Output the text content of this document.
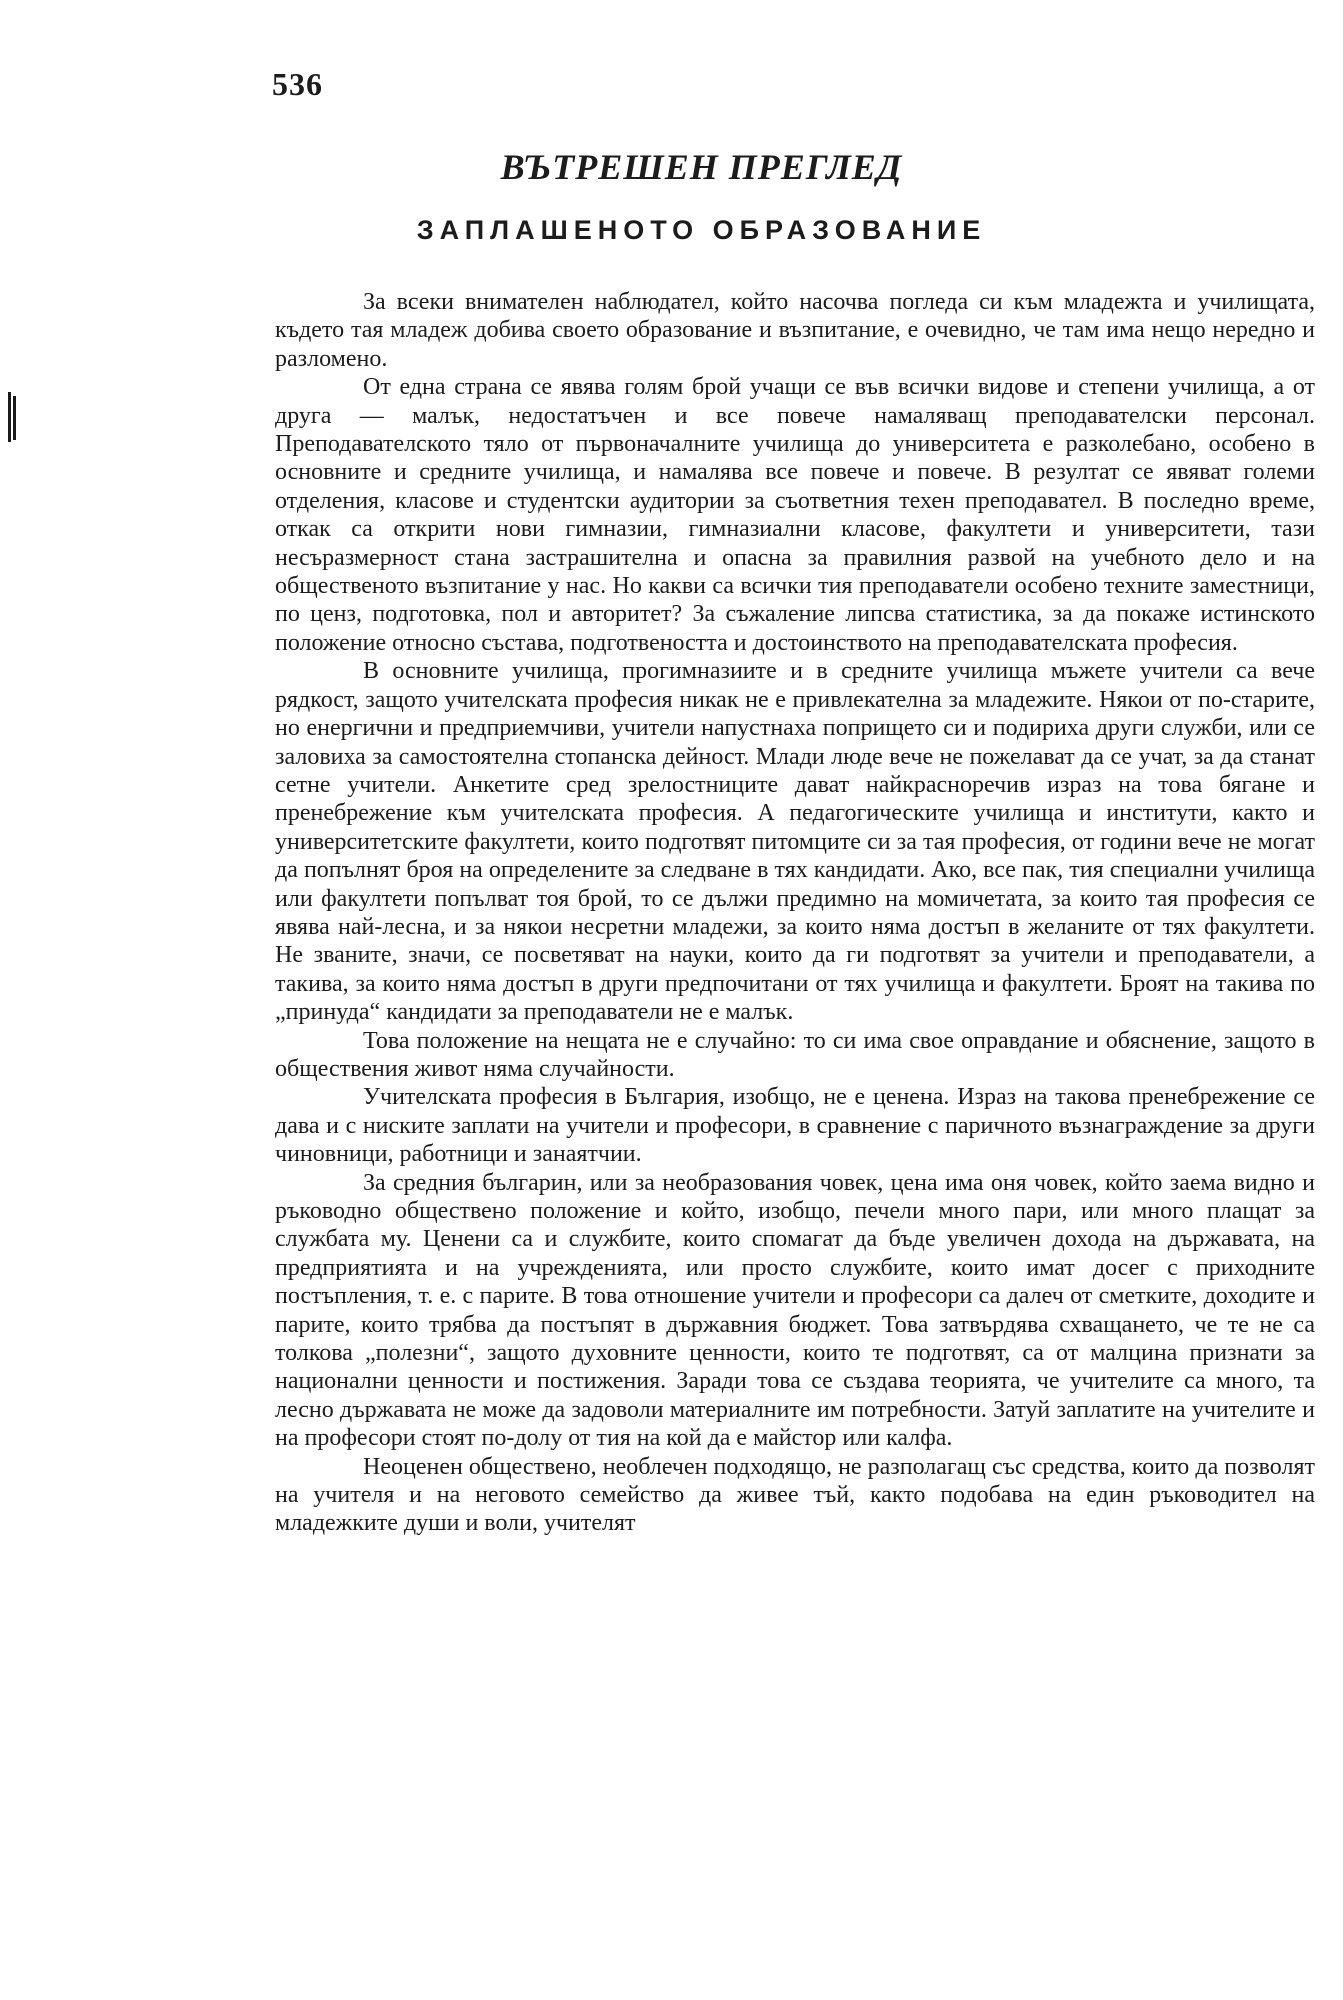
536
ВЪТРЕШЕН ПРЕГЛЕД
ЗАПЛАШЕНОТО ОБРАЗОВАНИЕ

За всеки внимателен наблюдател, който насочва погледа си към младежта и училищата, където тая младеж добива своето образование и възпитание, е очевидно, че там има нещо нередно и разломено.

От една страна се явява голям брой учащи се във всички видове и степени училища, а от друга — малък, недостатъчен и все повече намаляващ преподавателски персонал. Преподавателското тяло от първоначалните училища до университета е разколебано, особено в основните и средните училища, и намалява все повече и повече. В резултат се явяват големи отделения, класове и студентски аудитории за съответния техен преподавател. В последно време, откак са открити нови гимназии, гимназиални класове, факултети и университети, тази несъразмерност стана застрашителна и опасна за правилния развой на учебното дело и на общественото възпитание у нас. Но какви са всички тия преподаватели особено техните заместници, по ценз, подготовка, пол и авторитет? За съжаление липсва статистика, за да покаже истинското положение относно състава, подготвеността и достоинството на преподавателската професия.

В основните училища, прогимназиите и в средните училища мъжете учители са вече рядкост, защото учителската професия никак не е привлекателна за младежите. Някои от по-старите, но енергични и предприемчиви, учители напустнаха попрището си и подириха други служби, или се заловиха за самостоятелна стопанска дейност. Млади люде вече не пожелават да се учат, за да станат сетне учители. Анкетите сред зрелостниците дават найкрасноречив израз на това бягане и пренебрежение към учителската професия. А педагогическите училища и институти, както и университетските факултети, които подготвят питомците си за тая професия, от години вече не могат да попълнят броя на определените за следване в тях кандидати. Ако, все пак, тия специални училища или факултети попълват тоя брой, то се дължи предимно на момичетата, за които тая професия се явява най-лесна, и за някои несретни младежи, за които няма достъп в желаните от тях факултети. Не званите, значи, се посветяват на науки, които да ги подготвят за учители и преподаватели, а такива, за които няма достъп в други предпочитани от тях училища и факултети. Броят на такива по „принуда“ кандидати за преподаватели не е малък.

Това положение на нещата не е случайно: то си има свое оправдание и обяснение, защото в обществения живот няма случайности.

Учителската професия в България, изобщо, не е ценена. Израз на такова пренебрежение се дава и с ниските заплати на учители и професори, в сравнение с паричното възнаграждение за други чиновници, работници и занаятчии.

За средния българин, или за необразования човек, цена има оня човек, който заема видно и ръководно обществено положение и който, изобщо, печели много пари, или много плащат за службата му. Ценени са и службите, които спомагат да бъде увеличен дохода на държавата, на предприятията и на учрежденията, или просто службите, които имат досег с приходните постъпления, т. е. с парите. В това отношение учители и професори са далеч от сметките, доходите и парите, които трябва да постъпят в държавния бюджет. Това затвърдява схващането, че те не са толкова „полезни“, защото духовните ценности, които те подготвят, са от малцина признати за национални ценности и постижения. Заради това се създава теорията, че учителите са много, та лесно държавата не може да задоволи материалните им потребности. Затуй заплатите на учителите и на професори стоят по-долу от тия на кой да е майстор или калфа.

Неоценен обществено, необлечен подходящо, не разполагащ със средства, които да позволят на учителя и на неговото семейство да живее тъй, както подобава на един ръководител на младежките души и воли, учителят
